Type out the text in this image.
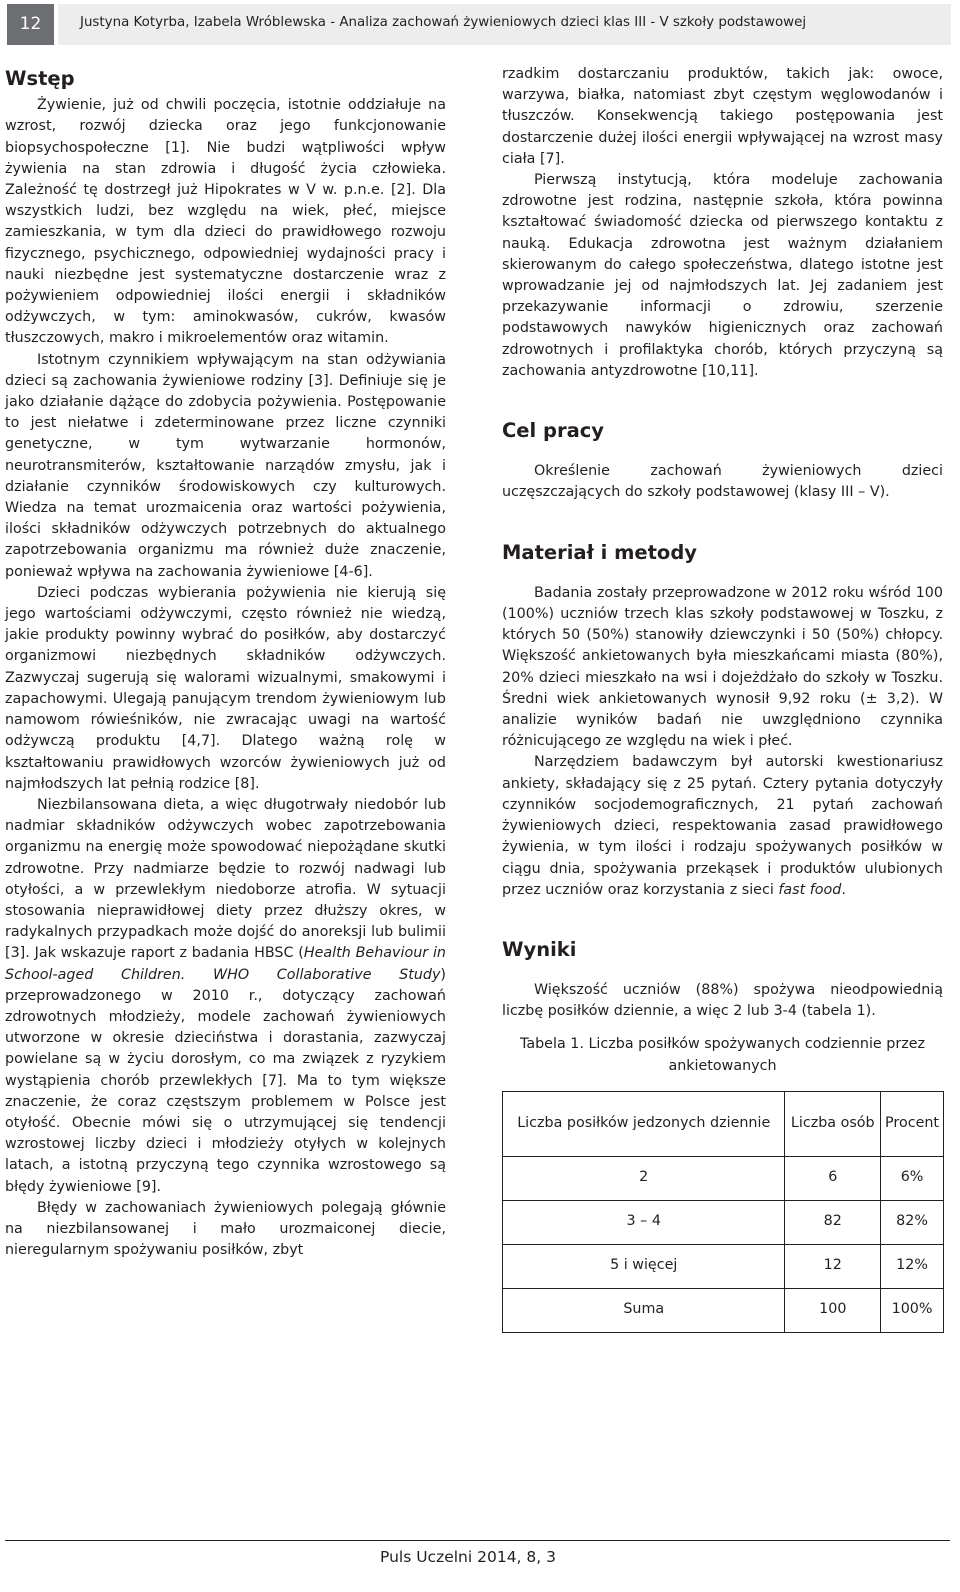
12	Justyna Kotyrba, Izabela Wróblewska - Analiza zachowań żywieniowych dzieci klas III - V szkoły podstawowej
Wstęp

Żywienie, już od chwili poczęcia, istotnie oddziałuje na wzrost, rozwój dziecka oraz jego funkcjonowanie biopsychospołeczne [1]. Nie budzi wątpliwości wpływ żywienia na stan zdrowia i długość życia człowieka. Zależność tę dostrzegł już Hipokrates w V w. p.n.e. [2]. Dla wszystkich ludzi, bez względu na wiek, płeć, miejsce zamieszkania, w tym dla dzieci do prawidłowego rozwoju fizycznego, psychicznego, odpowiedniej wydajności pracy i nauki niezbędne jest systematyczne dostarczenie wraz z pożywieniem odpowiedniej ilości energii i składników odżywczych, w tym: aminokwasów, cukrów, kwasów tłuszczowych, makro i mikroelementów oraz witamin.

Istotnym czynnikiem wpływającym na stan odżywiania dzieci są zachowania żywieniowe rodziny [3]. Definiuje się je jako działanie dążące do zdobycia pożywienia. Postępowanie to jest niełatwe i zdeterminowane przez liczne czynniki genetyczne, w tym wytwarzanie hormonów, neurotransmiterów, kształtowanie narządów zmysłu, jak i działanie czynników środowiskowych czy kulturowych. Wiedza na temat urozmaicenia oraz wartości pożywienia, ilości składników odżywczych potrzebnych do aktualnego zapotrzebowania organizmu ma również duże znaczenie, ponieważ wpływa na zachowania żywieniowe [4-6].

Dzieci podczas wybierania pożywienia nie kierują się jego wartościami odżywczymi, często również nie wiedzą, jakie produkty powinny wybrać do posiłków, aby dostarczyć organizmowi niezbędnych składników odżywczych. Zazwyczaj sugerują się walorami wizualnymi, smakowymi i zapachowymi. Ulegają panującym trendom żywieniowym lub namowom rówieśników, nie zwracając uwagi na wartość odżywczą produktu [4,7]. Dlatego ważną rolę w kształtowaniu prawidłowych wzorców żywieniowych już od najmłodszych lat pełnią rodzice [8].

Niezbilansowana dieta, a więc długotrwały niedobór lub nadmiar składników odżywczych wobec zapotrzebowania organizmu na energię może spowodować niepożądane skutki zdrowotne. Przy nadmiarze będzie to rozwój nadwagi lub otyłości, a w przewlekłym niedoborze atrofia. W sytuacji stosowania nieprawidłowej diety przez dłuższy okres, w radykalnych przypadkach może dojść do anoreksji lub bulimii [3]. Jak wskazuje raport z badania HBSC (Health Behaviour in School-aged Children. WHO Collaborative Study) przeprowadzonego w 2010 r., dotyczący zachowań zdrowotnych młodzieży, modele zachowań żywieniowych utworzone w okresie dzieciństwa i dorastania, zazwyczaj powielane są w życiu dorosłym, co ma związek z ryzykiem wystąpienia chorób przewlekłych [7]. Ma to tym większe znaczenie, że coraz częstszym problemem w Polsce jest otyłość. Obecnie mówi się o utrzymującej się tendencji wzrostowej liczby dzieci i młodzieży otyłych w kolejnych latach, a istotną przyczyną tego czynnika wzrostowego są błędy żywieniowe [9].

Błędy w zachowaniach żywieniowych polegają głównie na niezbilansowanej i mało urozmaiconej diecie, nieregularnym spożywaniu posiłków, zbyt

rzadkim dostarczaniu produktów, takich jak: owoce, warzywa, białka, natomiast zbyt częstym węglowodanów i tłuszczów. Konsekwencją takiego postępowania jest dostarczenie dużej ilości energii wpływającej na wzrost masy ciała [7].

Pierwszą instytucją, która modeluje zachowania zdrowotne jest rodzina, następnie szkoła, która powinna kształtować świadomość dziecka od pierwszego kontaktu z nauką. Edukacja zdrowotna jest ważnym działaniem skierowanym do całego społeczeństwa, dlatego istotne jest wprowadzanie jej od najmłodszych lat. Jej zadaniem jest przekazywanie informacji o zdrowiu, szerzenie podstawowych nawyków higienicznych oraz zachowań zdrowotnych i profilaktyka chorób, których przyczyną są zachowania antyzdrowotne [10,11].

Cel pracy

Określenie zachowań żywieniowych dzieci uczęszczających do szkoły podstawowej (klasy III – V).

Materiał i metody

Badania zostały przeprowadzone w 2012 roku wśród 100 (100%) uczniów trzech klas szkoły podstawowej w Toszku, z których 50 (50%) stanowiły dziewczynki i 50 (50%) chłopcy. Większość ankietowanych była mieszkańcami miasta (80%), 20% dzieci mieszkało na wsi i dojeżdżało do szkoły w Toszku. Średni wiek ankietowanych wynosił 9,92 roku (± 3,2). W analizie wyników badań nie uwzględniono czynnika różnicującego ze względu na wiek i płeć.

Narzędziem badawczym był autorski kwestionariusz ankiety, składający się z 25 pytań. Cztery pytania dotyczyły czynników socjodemograficznych, 21 pytań zachowań żywieniowych dzieci, respektowania zasad prawidłowego żywienia, w tym ilości i rodzaju spożywanych posiłków w ciągu dnia, spożywania przekąsek i produktów ulubionych przez uczniów oraz korzystania z sieci fast food.

Wyniki

Większość uczniów (88%) spożywa nieodpowiednią liczbę posiłków dziennie, a więc 2 lub 3-4 (tabela 1).

Tabela 1. Liczba posiłków spożywanych codziennie przez ankietowanych
Liczba posiłków jedzonych dziennie	Liczba osób	Procent
2	6	6%
3 – 4	82	82%
5 i więcej	12	12%
Suma	100	100%
Puls Uczelni 2014, 8, 3
